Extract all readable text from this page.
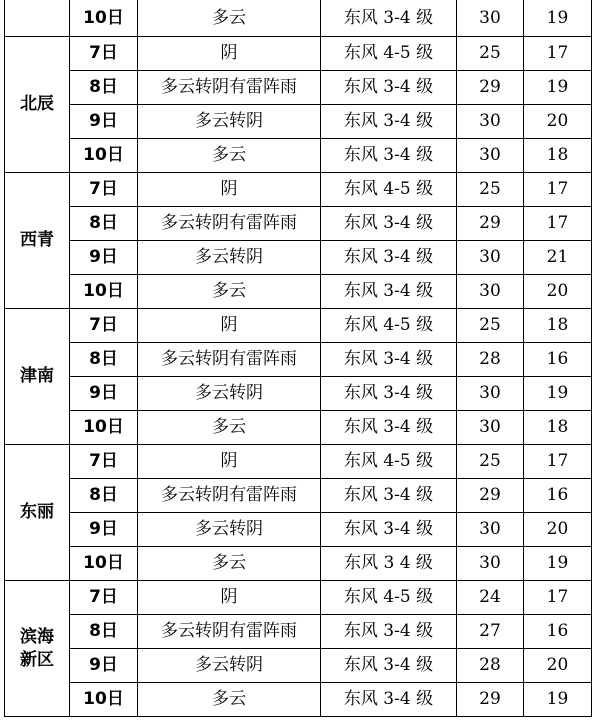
	10日	多云	东风 3-4 级	30	19
北辰	7日	阴	东风 4-5 级	25	17
	8日	多云转阴有雷阵雨	东风 3-4 级	29	19
	9日	多云转阴	东风 3-4 级	30	20
	10日	多云	东风 3-4 级	30	18
西青	7日	阴	东风 4-5 级	25	17
	8日	多云转阴有雷阵雨	东风 3-4 级	29	17
	9日	多云转阴	东风 3-4 级	30	21
	10日	多云	东风 3-4 级	30	20
津南	7日	阴	东风 4-5 级	25	18
	8日	多云转阴有雷阵雨	东风 3-4 级	28	16
	9日	多云转阴	东风 3-4 级	30	19
	10日	多云	东风 3-4 级	30	18
东丽	7日	阴	东风 4-5 级	25	17
	8日	多云转阴有雷阵雨	东风 3-4 级	29	16
	9日	多云转阴	东风 3-4 级	30	20
	10日	多云	东风 3 4 级	30	19
滨海
新区	7日	阴	东风 4-5 级	24	17
	8日	多云转阴有雷阵雨	东风 3-4 级	27	16
	9日	多云转阴	东风 3-4 级	28	20
	10日	多云	东风 3-4 级	29	19
